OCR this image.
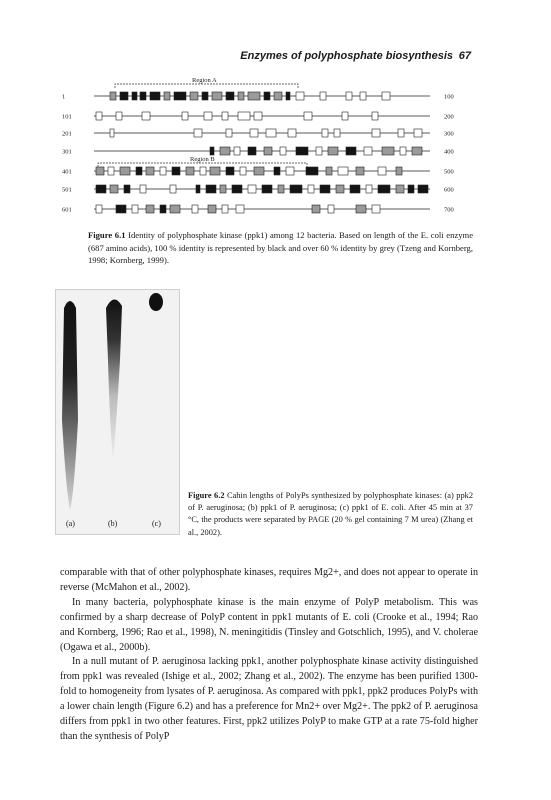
Enzymes of polyphosphate biosynthesis 67
1	100
101	200
201	300
301	400
401	500
501	600
601	700
Region A
Region B
Figure 6.1 Identity of polyphosphate kinase (ppk1) among 12 bacteria. Based on length of the E. coli enzyme (687 amino acids), 100 % identity is represented by black and over 60 % identity by grey (Tzeng and Kornberg, 1998; Kornberg, 1999).
(a)	(b)	(c)
Figure 6.2 Cahin lengths of PolyPs synthesized by polyphosphate kinases: (a) ppk2 of P. aeruginosa; (b) ppk1 of P. aeruginosa; (c) ppk1 of E. coli. After 45 min at 37 °C, the products were separated by PAGE (20 % gel containing 7 M urea) (Zhang et al., 2002).

comparable with that of other polyphosphate kinases, requires Mg2+, and does not appear to operate in reverse (McMahon et al., 2002).

In many bacteria, polyphosphate kinase is the main enzyme of PolyP metabolism. This was confirmed by a sharp decrease of PolyP content in ppk1 mutants of E. coli (Crooke et al., 1994; Rao and Kornberg, 1996; Rao et al., 1998), N. meningitidis (Tinsley and Gotschlich, 1995), and V. cholerae (Ogawa et al., 2000b).

In a null mutant of P. aeruginosa lacking ppk1, another polyphosphate kinase activity distinguished from ppk1 was revealed (Ishige et al., 2002; Zhang et al., 2002). The enzyme has been purified 1300-fold to homogeneity from lysates of P. aeruginosa. As compared with ppk1, ppk2 produces PolyPs with a lower chain length (Figure 6.2) and has a preference for Mn2+ over Mg2+. The ppk2 of P. aeruginosa differs from ppk1 in two other features. First, ppk2 utilizes PolyP to make GTP at a rate 75-fold higher than the synthesis of PolyP
